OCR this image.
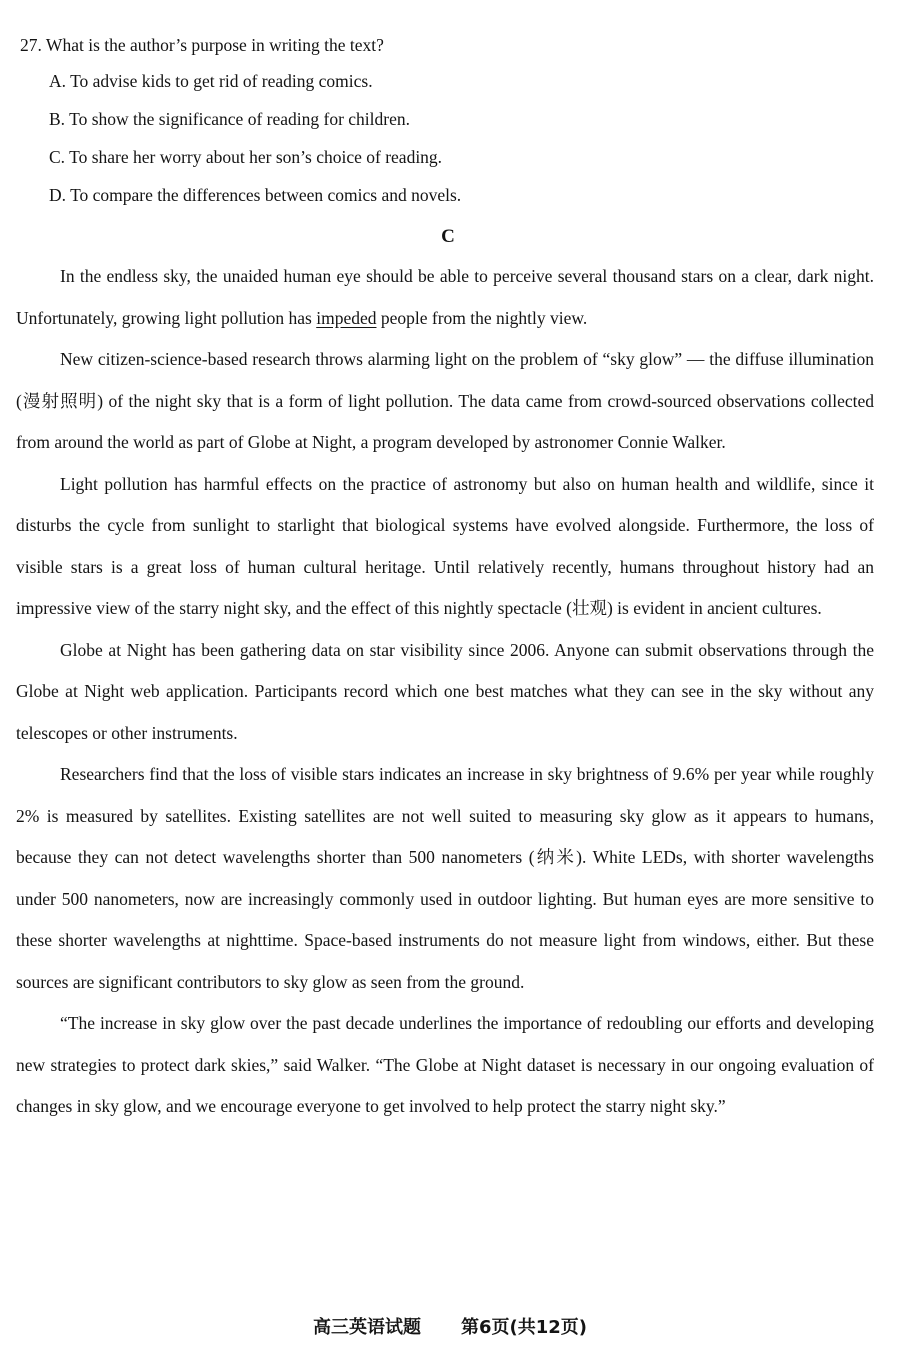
27. What is the author’s purpose in writing the text?

A. To advise kids to get rid of reading comics.
B. To show the significance of reading for children.
C. To share her worry about her son’s choice of reading.
D. To compare the differences between comics and novels.
C

In the endless sky, the unaided human eye should be able to perceive several thousand stars on a clear, dark night. Unfortunately, growing light pollution has impeded people from the nightly view.

New citizen-science-based research throws alarming light on the problem of “sky glow” — the diffuse illumination (漫射照明) of the night sky that is a form of light pollution. The data came from crowd-sourced observations collected from around the world as part of Globe at Night, a program developed by astronomer Connie Walker.

Light pollution has harmful effects on the practice of astronomy but also on human health and wildlife, since it disturbs the cycle from sunlight to starlight that biological systems have evolved alongside. Furthermore, the loss of visible stars is a great loss of human cultural heritage. Until relatively recently, humans throughout history had an impressive view of the starry night sky, and the effect of this nightly spectacle (壮观) is evident in ancient cultures.

Globe at Night has been gathering data on star visibility since 2006. Anyone can submit observations through the Globe at Night web application. Participants record which one best matches what they can see in the sky without any telescopes or other instruments.

Researchers find that the loss of visible stars indicates an increase in sky brightness of 9.6% per year while roughly 2% is measured by satellites. Existing satellites are not well suited to measuring sky glow as it appears to humans, because they can not detect wavelengths shorter than 500 nanometers (纳米). White LEDs, with shorter wavelengths under 500 nanometers, now are increasingly commonly used in outdoor lighting. But human eyes are more sensitive to these shorter wavelengths at nighttime. Space-based instruments do not measure light from windows, either. But these sources are significant contributors to sky glow as seen from the ground.

“The increase in sky glow over the past decade underlines the importance of redoubling our efforts and developing new strategies to protect dark skies,” said Walker. “The Globe at Night dataset is necessary in our ongoing evaluation of changes in sky glow, and we encourage everyone to get involved to help protect the starry night sky.”

高三英语试题 第6页(共12页)
